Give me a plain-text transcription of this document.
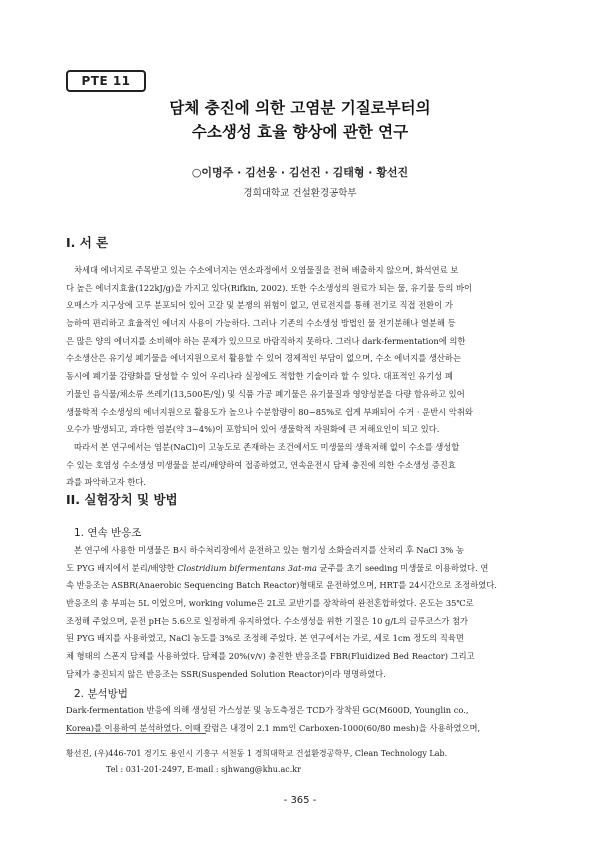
PTE 11
담체 충진에 의한 고염분 기질로부터의
수소생성 효율 향상에 관한 연구
○이명주 · 김선웅 · 김선진 · 김태형 · 황선진
경희대학교 건설환경공학부
I. 서 론
차세대 에너지로 주목받고 있는 수소에너지는 연소과정에서 오염물질을 전혀 배출하지 않으며, 화석연료 보
다 높은 에너지효율(122kJ/g)을 가지고 있다(Rifkin, 2002). 또한 수소생성의 원료가 되는 물, 유기물 등의 바이
오매스가 지구상에 고루 분포되어 있어 고갈 및 분쟁의 위험이 없고, 연료전지를 통해 전기로 직접 전환이 가
능하여 편리하고 효율적인 에너지 사용이 가능하다. 그러나 기존의 수소생성 방법인 물 전기분해나 열분해 등
은 많은 양의 에너지를 소비해야 하는 문제가 있으므로 바람직하지 못하다. 그러나 dark-fermentation에 의한
수소생산은 유기성 폐기물을 에너지원으로서 활용할 수 있어 경제적인 부담이 없으며, 수소 에너지를 생산하는
동시에 폐기물 감량화를 달성할 수 있어 우리나라 실정에도 적합한 기술이라 할 수 있다. 대표적인 유기성 폐
기물인 음식물/채소류 쓰레기(13,500톤/일) 및 식품 가공 폐기물은 유기물질과 영양성분을 다량 함유하고 있어
생물학적 수소생성의 에너지원으로 활용도가 높으나 수분함량이 80~85%로 쉽게 부패되어 수거 · 운반시 악취와
오수가 발생되고, 과다한 염분(약 3~4%)이 포함되어 있어 생물학적 자원화에 큰 저해요인이 되고 있다.
따라서 본 연구에서는 염분(NaCl)이 고농도로 존재하는 조건에서도 미생물의 생육저해 없이 수소를 생성할
수 있는 호염성 수소생성 미생물을 분리/배양하여 접종하였고, 연속운전시 담체 충진에 의한 수소생성 증진효
과를 파악하고자 한다.
II. 실험장치 및 방법
1. 연속 반응조
본 연구에 사용한 미생물은 B시 하수처리장에서 운전하고 있는 혐기성 소화슬러지를 산처리 후 NaCl 3% 농
도 PYG 배지에서 분리/배양한 Clostridium bifermentans 3at-ma 균주를 초기 seeding 미생물로 이용하였다. 연
속 반응조는 ASBR(Anaerobic Sequencing Batch Reactor)형태로 운전하였으며, HRT를 24시간으로 조정하였다.
반응조의 총 부피는 5L 이었으며, working volume은 2L로 교반기를 장착하여 완전혼합하였다. 온도는 35℃로
조정해 주었으며, 운전 pH는 5.6으로 일정하게 유지하였다. 수소생성을 위한 기질은 10 g/L의 글루코스가 첨가
된 PYG 배지를 사용하였고, NaCl 농도를 3%로 조정해 주었다. 본 연구에서는 가로, 세로 1cm 정도의 직육면
체 형태의 스폰지 담체를 사용하였다. 담체를 20%(v/v) 충진한 반응조를 FBR(Fluidized Bed Reactor) 그리고
담체가 충진되지 않은 반응조는 SSR(Suspended Solution Reactor)이라 명명하였다.
2. 분석방법
Dark-fermentation 반응에 의해 생성된 가스성분 및 농도측정은 TCD가 장착된 GC(M600D, Younglin co.,
Korea)를 이용하여 분석하였다. 이때 칼럼은 내경이 2.1 mm인 Carboxen-1000(60/80 mesh)을 사용하였으며,
황선진, (우)446-701 경기도 용인시 기흥구 서천동 1 경희대학교 건설환경공학부, Clean Technology Lab.
Tel : 031-201-2497, E-mail : sjhwang@khu.ac.kr
- 365 -
